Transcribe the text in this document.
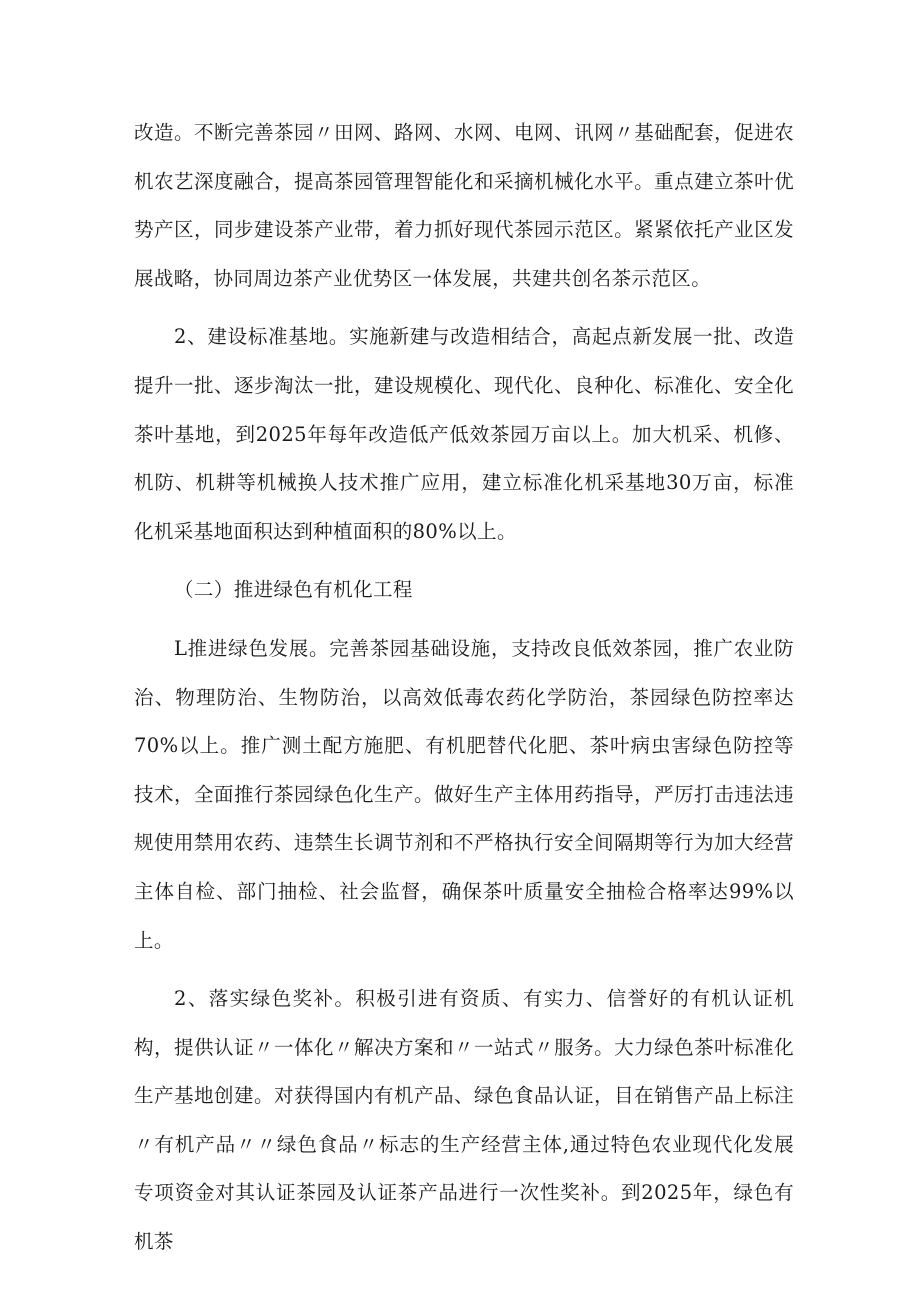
改造。不断完善茶园〃田网、路网、水网、电网、讯网〃基础配套，促进农机农艺深度融合，提高茶园管理智能化和采摘机械化水平。重点建立茶叶优势产区，同步建设茶产业带，着力抓好现代茶园示范区。紧紧依托产业区发展战略，协同周边茶产业优势区一体发展，共建共创名茶示范区。

2、建设标准基地。实施新建与改造相结合，高起点新发展一批、改造提升一批、逐步淘汰一批，建设规模化、现代化、良种化、标准化、安全化茶叶基地，到2025年每年改造低产低效茶园万亩以上。加大机采、机修、机防、机耕等机械换人技术推广应用，建立标准化机采基地30万亩，标准化机采基地面积达到种植面积的80%以上。

（二）推进绿色有机化工程

L推进绿色发展。完善茶园基础设施，支持改良低效茶园，推广农业防治、物理防治、生物防治，以高效低毒农药化学防治，茶园绿色防控率达70%以上。推广测土配方施肥、有机肥替代化肥、茶叶病虫害绿色防控等技术，全面推行茶园绿色化生产。做好生产主体用药指导，严厉打击违法违规使用禁用农药、违禁生长调节剂和不严格执行安全间隔期等行为加大经营主体自检、部门抽检、社会监督，确保茶叶质量安全抽检合格率达99%以上。

2、落实绿色奖补。积极引进有资质、有实力、信誉好的有机认证机构，提供认证〃一体化〃解决方案和〃一站式〃服务。大力绿色茶叶标准化生产基地创建。对获得国内有机产品、绿色食品认证，目在销售产品上标注〃有机产品〃〃绿色食品〃标志的生产经营主体,通过特色农业现代化发展专项资金对其认证茶园及认证茶产品进行一次性奖补。到2025年，绿色有机茶
